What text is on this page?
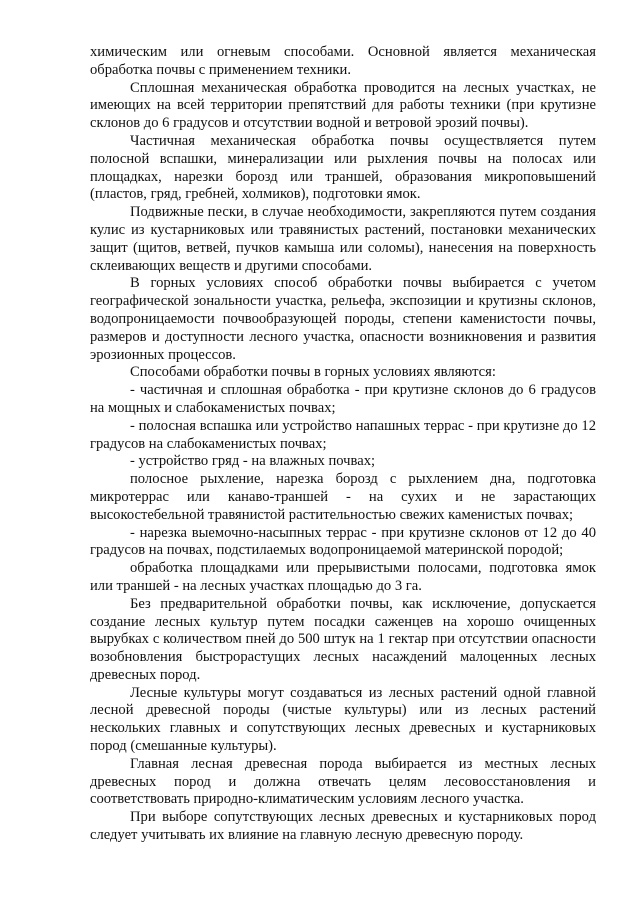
химическим или огневым способами. Основной является механическая обработка почвы с применением техники.

Сплошная механическая обработка проводится на лесных участках, не имеющих на всей территории препятствий для работы техники (при крутизне склонов до 6 градусов и отсутствии водной и ветровой эрозий почвы).

Частичная механическая обработка почвы осуществляется путем полосной вспашки, минерализации или рыхления почвы на полосах или площадках, нарезки борозд или траншей, образования микроповышений (пластов, гряд, гребней, холмиков), подготовки ямок.

Подвижные пески, в случае необходимости, закрепляются путем создания кулис из кустарниковых или травянистых растений, постановки механических защит (щитов, ветвей, пучков камыша или соломы), нанесения на поверхность склеивающих веществ и другими способами.

В горных условиях способ обработки почвы выбирается с учетом географической зональности участка, рельефа, экспозиции и крутизны склонов, водопроницаемости почвообразующей породы, степени каменистости почвы, размеров и доступности лесного участка, опасности возникновения и развития эрозионных процессов.

Способами обработки почвы в горных условиях являются:

- частичная и сплошная обработка - при крутизне склонов до 6 градусов на мощных и слабокаменистых почвах;

- полосная вспашка или устройство напашных террас - при крутизне до 12 градусов на слабокаменистых почвах;

- устройство гряд - на влажных почвах;

полосное рыхление, нарезка борозд с рыхлением дна, подготовка микротеррас или канаво-траншей - на сухих и не зарастающих высокостебельной травянистой растительностью свежих каменистых почвах;

- нарезка выемочно-насыпных террас - при крутизне склонов от 12 до 40 градусов на почвах, подстилаемых водопроницаемой материнской породой;

обработка площадками или прерывистыми полосами, подготовка ямок или траншей - на лесных участках площадью до 3 га.

Без предварительной обработки почвы, как исключение, допускается создание лесных культур путем посадки саженцев на хорошо очищенных вырубках с количеством пней до 500 штук на 1 гектар при отсутствии опасности возобновления быстрорастущих лесных насаждений малоценных лесных древесных пород.

Лесные культуры могут создаваться из лесных растений одной главной лесной древесной породы (чистые культуры) или из лесных растений нескольких главных и сопутствующих лесных древесных и кустарниковых пород (смешанные культуры).

Главная лесная древесная порода выбирается из местных лесных древесных пород и должна отвечать целям лесовосстановления и соответствовать природно-климатическим условиям лесного участка.

При выборе сопутствующих лесных древесных и кустарниковых пород следует учитывать их влияние на главную лесную древесную породу.
